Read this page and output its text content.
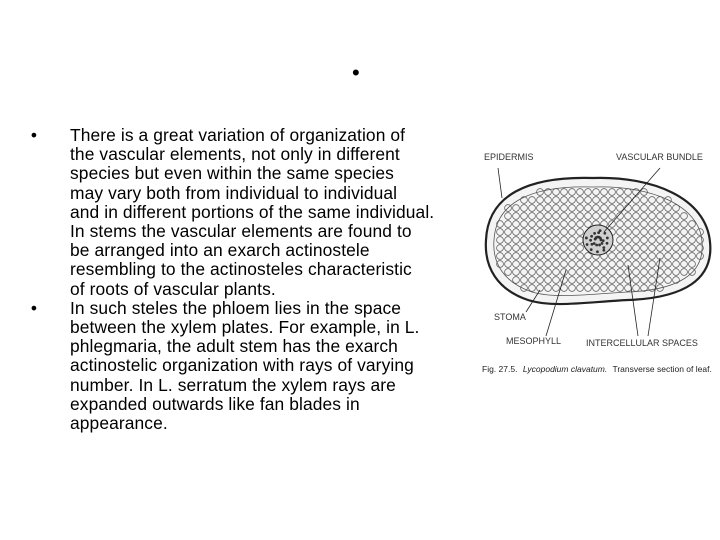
•
• There is a great variation of organization of
the vascular elements, not only in different
species but even within the same species
may vary both from individual to individual
and in different portions of the same individual.
In stems the vascular elements are found to
be arranged into an exarch actinostele
resembling to the actinosteles characteristic
of roots of vascular plants.
• In such steles the phloem lies in the space
between the xylem plates. For example, in L.
phlegmaria, the adult stem has the exarch
actinostelic organization with rays of varying
number. In L. serratum the xylem rays are
expanded outwards like fan blades in
appearance.
EPIDERMIS	VASCULAR BUNDLE
STOMA
MESOPHYLL	INTERCELLULAR SPACES
Fig. 27.5. Lycopodium clavatum. Transverse section of leaf.
